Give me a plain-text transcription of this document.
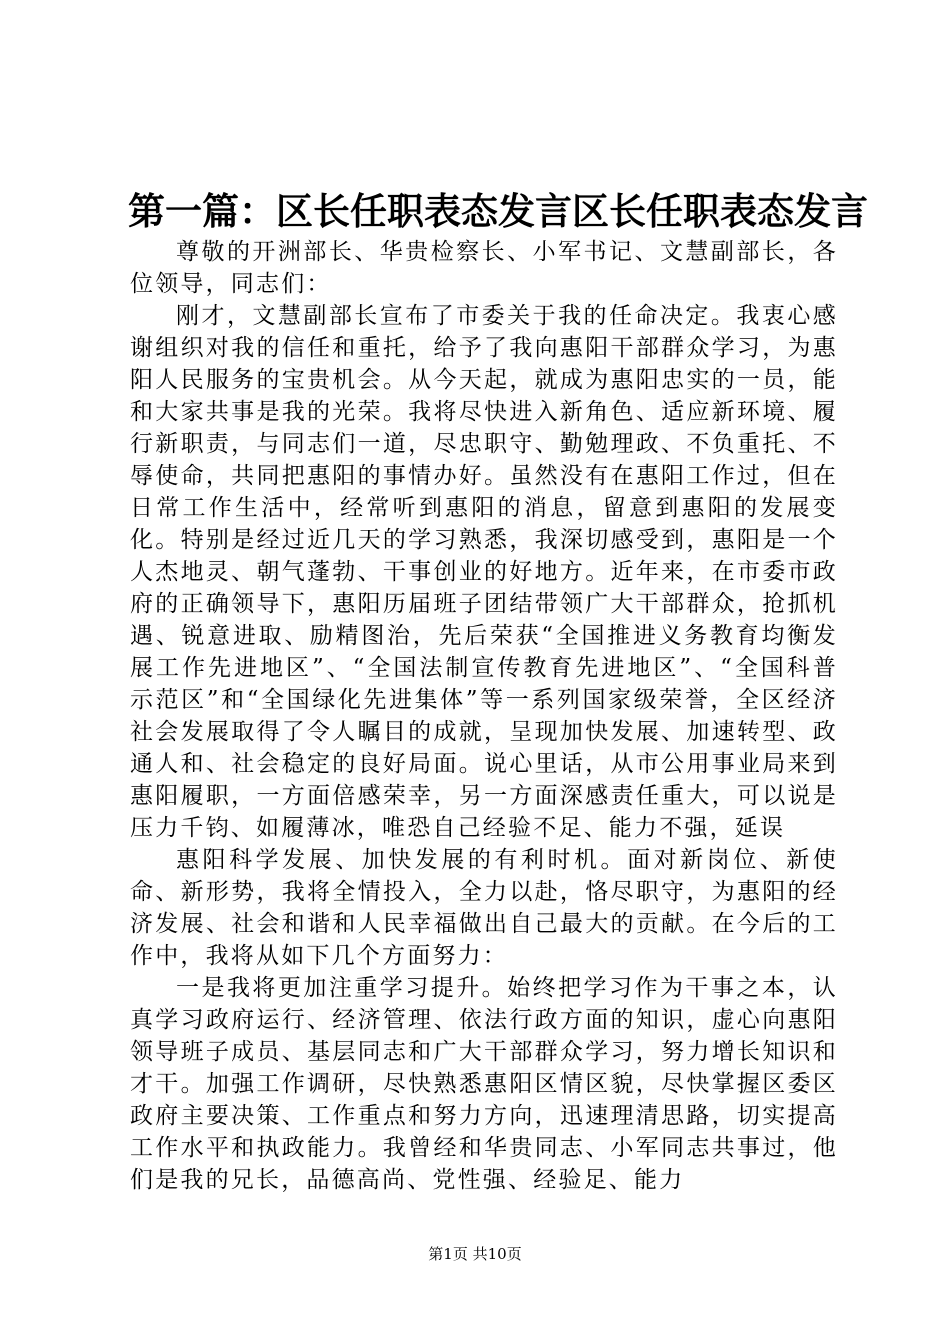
第一篇：区长任职表态发言区长任职表态发言

尊敬的开洲部长、华贵检察长、小军书记、文慧副部长，各位领导，同志们：

刚才，文慧副部长宣布了市委关于我的任命决定。我衷心感谢组织对我的信任和重托，给予了我向惠阳干部群众学习，为惠阳人民服务的宝贵机会。从今天起，就成为惠阳忠实的一员，能和大家共事是我的光荣。我将尽快进入新角色、适应新环境、履行新职责，与同志们一道，尽忠职守、勤勉理政、不负重托、不辱使命，共同把惠阳的事情办好。虽然没有在惠阳工作过，但在日常工作生活中，经常听到惠阳的消息，留意到惠阳的发展变化。特别是经过近几天的学习熟悉，我深切感受到，惠阳是一个人杰地灵、朝气蓬勃、干事创业的好地方。近年来，在市委市政府的正确领导下，惠阳历届班子团结带领广大干部群众，抢抓机遇、锐意进取、励精图治，先后荣获“全国推进义务教育均衡发展工作先进地区”、“全国法制宣传教育先进地区”、“全国科普示范区”和“全国绿化先进集体”等一系列国家级荣誉，全区经济社会发展取得了令人瞩目的成就，呈现加快发展、加速转型、政通人和、社会稳定的良好局面。说心里话，从市公用事业局来到惠阳履职，一方面倍感荣幸，另一方面深感责任重大，可以说是压力千钧、如履薄冰，唯恐自己经验不足、能力不强，延误

惠阳科学发展、加快发展的有利时机。面对新岗位、新使命、新形势，我将全情投入，全力以赴，恪尽职守，为惠阳的经济发展、社会和谐和人民幸福做出自己最大的贡献。在今后的工作中，我将从如下几个方面努力：

一是我将更加注重学习提升。始终把学习作为干事之本，认真学习政府运行、经济管理、依法行政方面的知识，虚心向惠阳领导班子成员、基层同志和广大干部群众学习，努力增长知识和才干。加强工作调研，尽快熟悉惠阳区情区貌，尽快掌握区委区政府主要决策、工作重点和努力方向，迅速理清思路，切实提高工作水平和执政能力。我曾经和华贵同志、小军同志共事过，他们是我的兄长，品德高尚、党性强、经验足、能力

第1页 共10页
